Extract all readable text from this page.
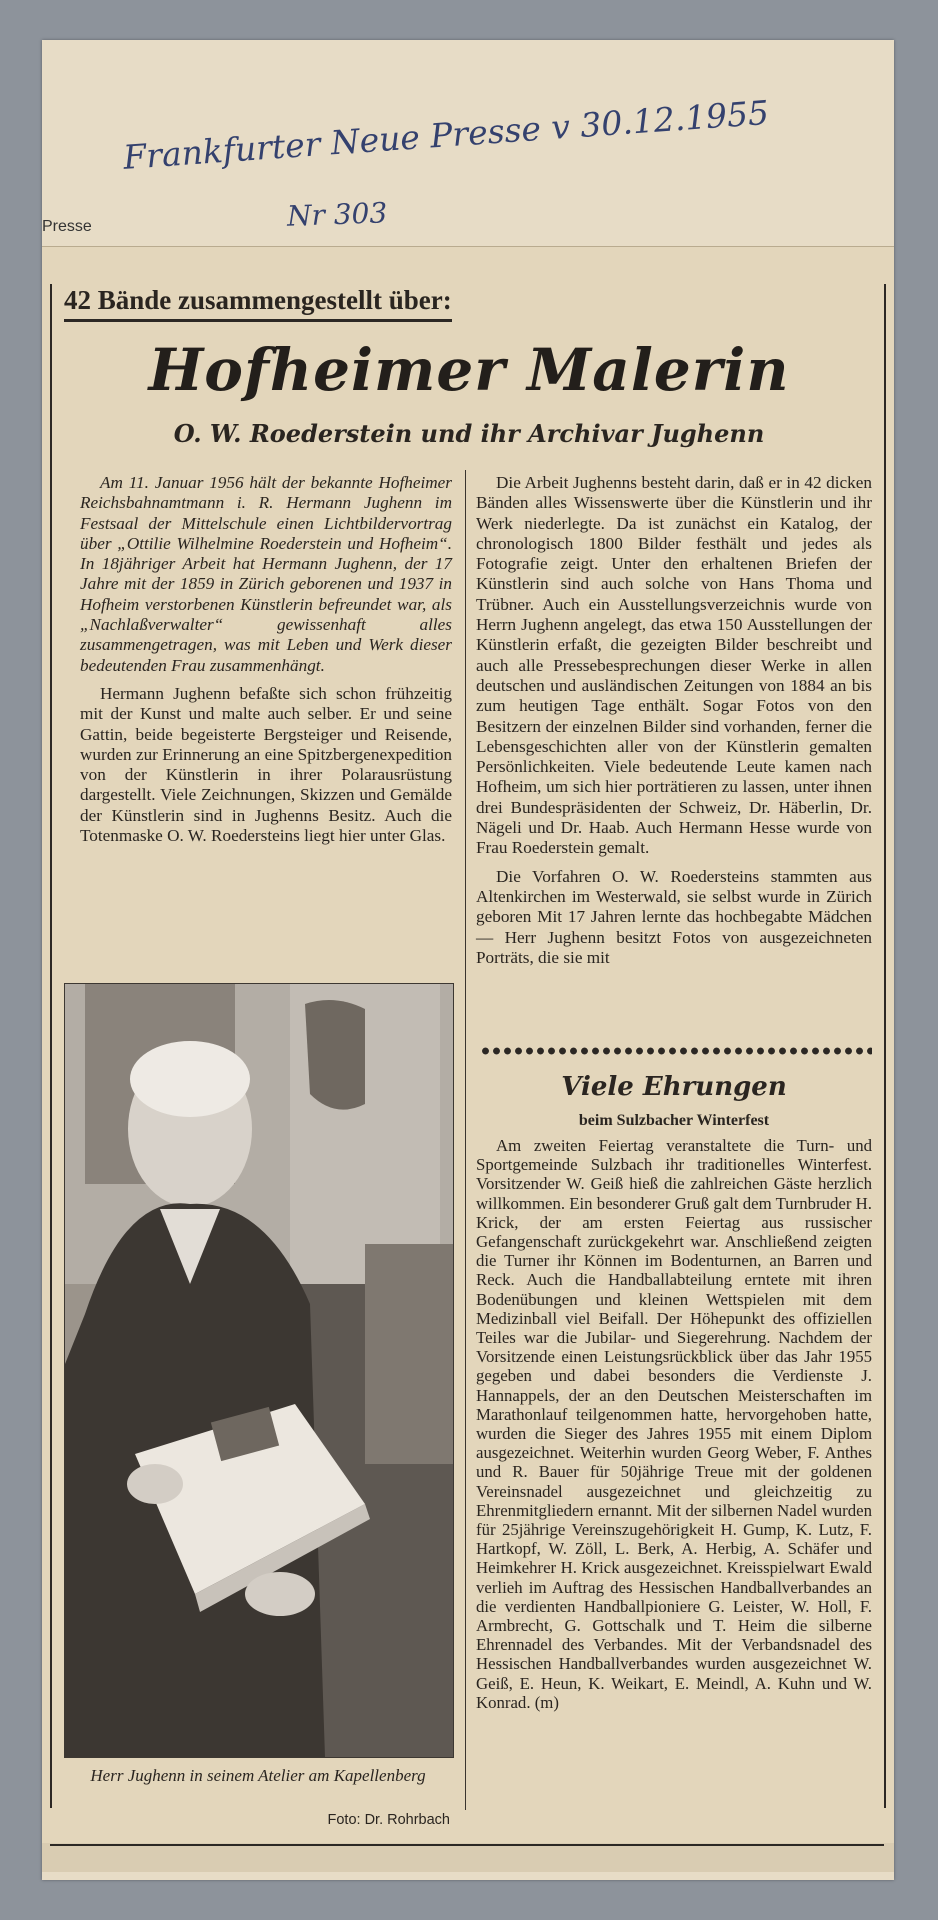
Frankfurter Neue Presse v 30.12.1955
Nr 303
Presse
42 Bände zusammengestellt über:
Hofheimer Malerin
O. W. Roederstein und ihr Archivar Jughenn

Am 11. Januar 1956 hält der bekannte Hofheimer Reichsbahnamtmann i. R. Hermann Jughenn im Festsaal der Mittelschule einen Lichtbildervortrag über „Ottilie Wilhelmine Roederstein und Hofheim“. In 18jähriger Arbeit hat Hermann Jughenn, der 17 Jahre mit der 1859 in Zürich geborenen und 1937 in Hofheim verstorbenen Künstlerin befreundet war, als „Nachlaßverwalter“ gewissenhaft alles zusammengetragen, was mit Leben und Werk dieser bedeutenden Frau zusammenhängt.

Hermann Jughenn befaßte sich schon frühzeitig mit der Kunst und malte auch selber. Er und seine Gattin, beide begeisterte Bergsteiger und Reisende, wurden zur Erinnerung an eine Spitzbergenexpedition von der Künstlerin in ihrer Polarausrüstung dargestellt. Viele Zeichnungen, Skizzen und Gemälde der Künstlerin sind in Jughenns Besitz. Auch die Totenmaske O. W. Roedersteins liegt hier unter Glas.

Die Arbeit Jughenns besteht darin, daß er in 42 dicken Bänden alles Wissenswerte über die Künstlerin und ihr Werk niederlegte. Da ist zunächst ein Katalog, der chronologisch 1800 Bilder festhält und jedes als Fotografie zeigt. Unter den erhaltenen Briefen der Künstlerin sind auch solche von Hans Thoma und Trübner. Auch ein Ausstellungsverzeichnis wurde von Herrn Jughenn angelegt, das etwa 150 Ausstellungen der Künstlerin erfaßt, die gezeigten Bilder beschreibt und auch alle Pressebesprechungen dieser Werke in allen deutschen und ausländischen Zeitungen von 1884 an bis zum heutigen Tage enthält. Sogar Fotos von den Besitzern der einzelnen Bilder sind vorhanden, ferner die Lebensgeschichten aller von der Künstlerin gemalten Persönlichkeiten. Viele bedeutende Leute kamen nach Hofheim, um sich hier porträtieren zu lassen, unter ihnen drei Bundespräsidenten der Schweiz, Dr. Häberlin, Dr. Nägeli und Dr. Haab. Auch Hermann Hesse wurde von Frau Roederstein gemalt.

Die Vorfahren O. W. Roedersteins stammten aus Altenkirchen im Westerwald, sie selbst wurde in Zürich geboren Mit 17 Jahren lernte das hochbegabte Mädchen — Herr Jughenn besitzt Fotos von ausgezeichneten Porträts, die sie mit

Herr Jughenn in seinem Atelier am Kapellenberg
Foto: Dr. Rohrbach
Viele Ehrungen
beim Sulzbacher Winterfest

Am zweiten Feiertag veranstaltete die Turn- und Sportgemeinde Sulzbach ihr traditionelles Winterfest. Vorsitzender W. Geiß hieß die zahlreichen Gäste herzlich willkommen. Ein besonderer Gruß galt dem Turnbruder H. Krick, der am ersten Feiertag aus russischer Gefangenschaft zurückgekehrt war. Anschließend zeigten die Turner ihr Können im Bodenturnen, an Barren und Reck. Auch die Handballabteilung erntete mit ihren Bodenübungen und kleinen Wettspielen mit dem Medizinball viel Beifall. Der Höhepunkt des offiziellen Teiles war die Jubilar- und Siegerehrung. Nachdem der Vorsitzende einen Leistungsrückblick über das Jahr 1955 gegeben und dabei besonders die Verdienste J. Hannappels, der an den Deutschen Meisterschaften im Marathonlauf teilgenommen hatte, hervorgehoben hatte, wurden die Sieger des Jahres 1955 mit einem Diplom ausgezeichnet. Weiterhin wurden Georg Weber, F. Anthes und R. Bauer für 50jährige Treue mit der goldenen Vereinsnadel ausgezeichnet und gleichzeitig zu Ehrenmitgliedern ernannt. Mit der silbernen Nadel wurden für 25jährige Vereinszugehörigkeit H. Gump, K. Lutz, F. Hartkopf, W. Zöll, L. Berk, A. Herbig, A. Schäfer und Heimkehrer H. Krick ausgezeichnet. Kreisspielwart Ewald verlieh im Auftrag des Hessischen Handballverbandes an die verdienten Handballpioniere G. Leister, W. Holl, F. Armbrecht, G. Gottschalk und T. Heim die silberne Ehrennadel des Verbandes. Mit der Verbandsnadel des Hessischen Handballverbandes wurden ausgezeichnet W. Geiß, E. Heun, K. Weikart, E. Meindl, A. Kuhn und W. Konrad. (m)
